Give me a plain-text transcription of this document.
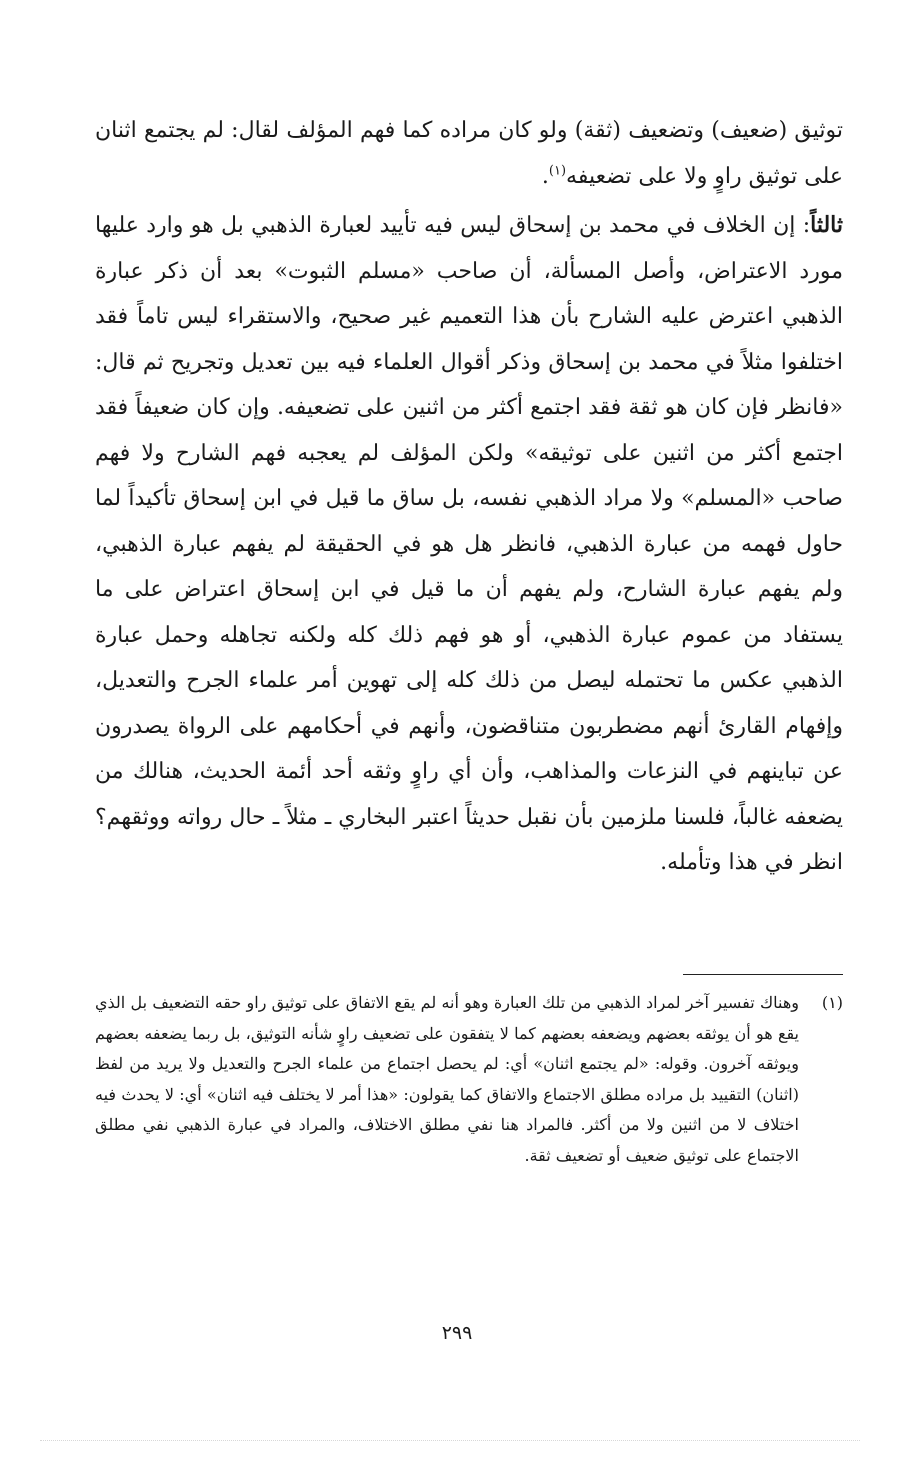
توثيق (ضعيف) وتضعيف (ثقة) ولو كان مراده كما فهم المؤلف لقال: لم يجتمع اثنان على توثيق راوٍ ولا على تضعيفه$^{(١)}$.

ثالثاً: إن الخلاف في محمد بن إسحاق ليس فيه تأييد لعبارة الذهبي بل هو وارد عليها مورد الاعتراض، وأصل المسألة، أن صاحب «مسلم الثبوت» بعد أن ذكر عبارة الذهبي اعترض عليه الشارح بأن هذا التعميم غير صحيح، والاستقراء ليس تاماً فقد اختلفوا مثلاً في محمد بن إسحاق وذكر أقوال العلماء فيه بين تعديل وتجريح ثم قال: «فانظر فإن كان هو ثقة فقد اجتمع أكثر من اثنين على تضعيفه. وإن كان ضعيفاً فقد اجتمع أكثر من اثنين على توثيقه» ولكن المؤلف لم يعجبه فهم الشارح ولا فهم صاحب «المسلم» ولا مراد الذهبي نفسه، بل ساق ما قيل في ابن إسحاق تأكيداً لما حاول فهمه من عبارة الذهبي، فانظر هل هو في الحقيقة لم يفهم عبارة الذهبي، ولم يفهم عبارة الشارح، ولم يفهم أن ما قيل في ابن إسحاق اعتراض على ما يستفاد من عموم عبارة الذهبي، أو هو فهم ذلك كله ولكنه تجاهله وحمل عبارة الذهبي عكس ما تحتمله ليصل من ذلك كله إلى تهوين أمر علماء الجرح والتعديل، وإفهام القارئ أنهم مضطربون متناقضون، وأنهم في أحكامهم على الرواة يصدرون عن تباينهم في النزعات والمذاهب، وأن أي راوٍ وثقه أحد أئمة الحديث، هنالك من يضعفه غالباً، فلسنا ملزمين بأن نقبل حديثاً اعتبر البخاري ـ مثلاً ـ حال رواته ووثقهم؟ انظر في هذا وتأمله.

(١)

وهناك تفسير آخر لمراد الذهبي من تلك العبارة وهو أنه لم يقع الاتفاق على توثيق راو حقه التضعيف بل الذي يقع هو أن يوثقه بعضهم ويضعفه بعضهم كما لا يتفقون على تضعيف راوٍ شأنه التوثيق، بل ربما يضعفه بعضهم ويوثقه آخرون. وقوله: «لم يجتمع اثنان» أي: لم يحصل اجتماع من علماء الجرح والتعديل ولا يريد من لفظ (اثنان) التقييد بل مراده مطلق الاجتماع والاتفاق كما يقولون: «هذا أمر لا يختلف فيه اثنان» أي: لا يحدث فيه اختلاف لا من اثنين ولا من أكثر. فالمراد هنا نفي مطلق الاختلاف، والمراد في عبارة الذهبي نفي مطلق الاجتماع على توثيق ضعيف أو تضعيف ثقة.

٢٩٩
